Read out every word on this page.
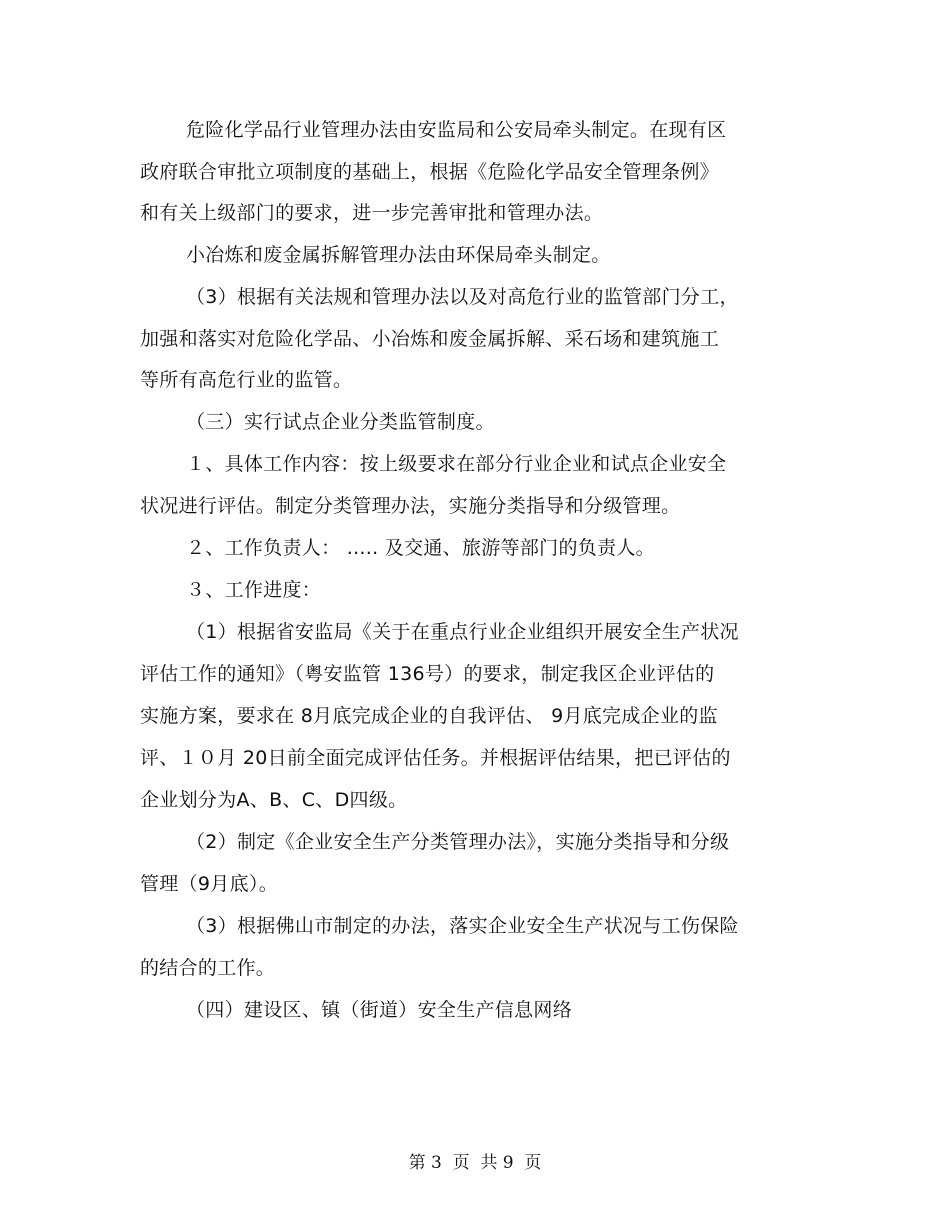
危险化学品行业管理办法由安监局和公安局牵头制定。在现有区
政府联合审批立项制度的基础上，根据《危险化学品安全管理条例》
和有关上级部门的要求，进一步完善审批和管理办法。
小冶炼和废金属拆解管理办法由环保局牵头制定。
（3）根据有关法规和管理办法以及对高危行业的监管部门分工，
加强和落实对危险化学品、小冶炼和废金属拆解、采石场和建筑施工
等所有高危行业的监管。
（三）实行试点企业分类监管制度。
１、具体工作内容：按上级要求在部分行业企业和试点企业安全
状况进行评估。制定分类管理办法，实施分类指导和分级管理。
２、工作负责人： ..... 及交通、旅游等部门的负责人。
３、工作进度：
（1）根据省安监局《关于在重点行业企业组织开展安全生产状况
评估工作的通知》（粤安监管 136号）的要求，制定我区企业评估的
实施方案，要求在 8月底完成企业的自我评估、 9月底完成企业的监
评、１０月 20日前全面完成评估任务。并根据评估结果，把已评估的
企业划分为A、B、C、D四级。
（2）制定《企业安全生产分类管理办法》，实施分类指导和分级
管理（9月底）。
（3）根据佛山市制定的办法，落实企业安全生产状况与工伤保险
的结合的工作。
（四）建设区、镇（街道）安全生产信息网络
第 3  页  共 9  页
